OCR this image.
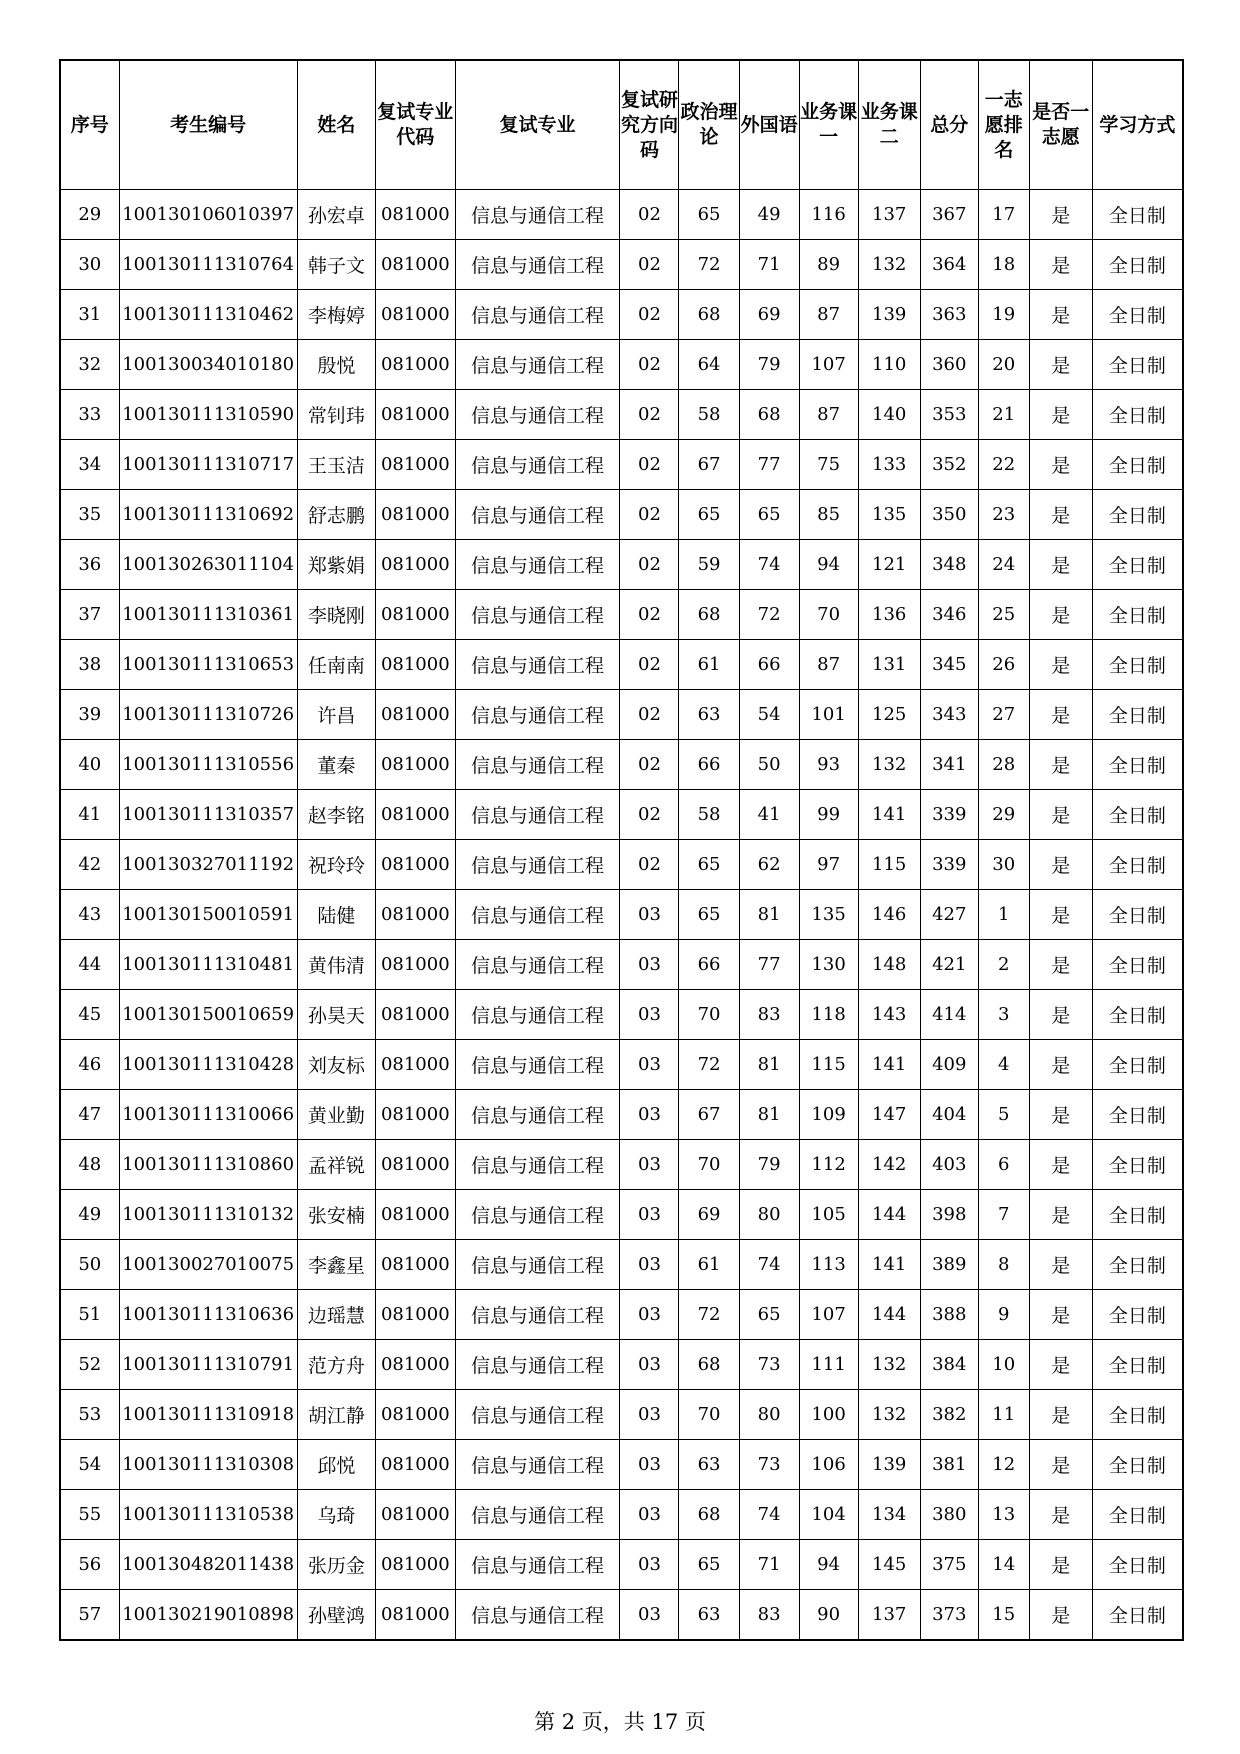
序号	考生编号	姓名	复试专业代码	复试专业	复试研究方向码	政治理论	外国语	业务课一	业务课二	总分	一志愿排名	是否一志愿	学习方式
29	100130106010397	孙宏卓	081000	信息与通信工程	02	65	49	116	137	367	17	是	全日制
30	100130111310764	韩子文	081000	信息与通信工程	02	72	71	89	132	364	18	是	全日制
31	100130111310462	李梅婷	081000	信息与通信工程	02	68	69	87	139	363	19	是	全日制
32	100130034010180	殷悦	081000	信息与通信工程	02	64	79	107	110	360	20	是	全日制
33	100130111310590	常钊玮	081000	信息与通信工程	02	58	68	87	140	353	21	是	全日制
34	100130111310717	王玉洁	081000	信息与通信工程	02	67	77	75	133	352	22	是	全日制
35	100130111310692	舒志鹏	081000	信息与通信工程	02	65	65	85	135	350	23	是	全日制
36	100130263011104	郑紫娟	081000	信息与通信工程	02	59	74	94	121	348	24	是	全日制
37	100130111310361	李晓刚	081000	信息与通信工程	02	68	72	70	136	346	25	是	全日制
38	100130111310653	任南南	081000	信息与通信工程	02	61	66	87	131	345	26	是	全日制
39	100130111310726	许昌	081000	信息与通信工程	02	63	54	101	125	343	27	是	全日制
40	100130111310556	董秦	081000	信息与通信工程	02	66	50	93	132	341	28	是	全日制
41	100130111310357	赵李铭	081000	信息与通信工程	02	58	41	99	141	339	29	是	全日制
42	100130327011192	祝玲玲	081000	信息与通信工程	02	65	62	97	115	339	30	是	全日制
43	100130150010591	陆健	081000	信息与通信工程	03	65	81	135	146	427	1	是	全日制
44	100130111310481	黄伟清	081000	信息与通信工程	03	66	77	130	148	421	2	是	全日制
45	100130150010659	孙昊天	081000	信息与通信工程	03	70	83	118	143	414	3	是	全日制
46	100130111310428	刘友标	081000	信息与通信工程	03	72	81	115	141	409	4	是	全日制
47	100130111310066	黄业勤	081000	信息与通信工程	03	67	81	109	147	404	5	是	全日制
48	100130111310860	孟祥锐	081000	信息与通信工程	03	70	79	112	142	403	6	是	全日制
49	100130111310132	张安楠	081000	信息与通信工程	03	69	80	105	144	398	7	是	全日制
50	100130027010075	李鑫星	081000	信息与通信工程	03	61	74	113	141	389	8	是	全日制
51	100130111310636	边瑶慧	081000	信息与通信工程	03	72	65	107	144	388	9	是	全日制
52	100130111310791	范方舟	081000	信息与通信工程	03	68	73	111	132	384	10	是	全日制
53	100130111310918	胡江静	081000	信息与通信工程	03	70	80	100	132	382	11	是	全日制
54	100130111310308	邱悦	081000	信息与通信工程	03	63	73	106	139	381	12	是	全日制
55	100130111310538	乌琦	081000	信息与通信工程	03	68	74	104	134	380	13	是	全日制
56	100130482011438	张历金	081000	信息与通信工程	03	65	71	94	145	375	14	是	全日制
57	100130219010898	孙壁鸿	081000	信息与通信工程	03	63	83	90	137	373	15	是	全日制
第 2 页，共 17 页
